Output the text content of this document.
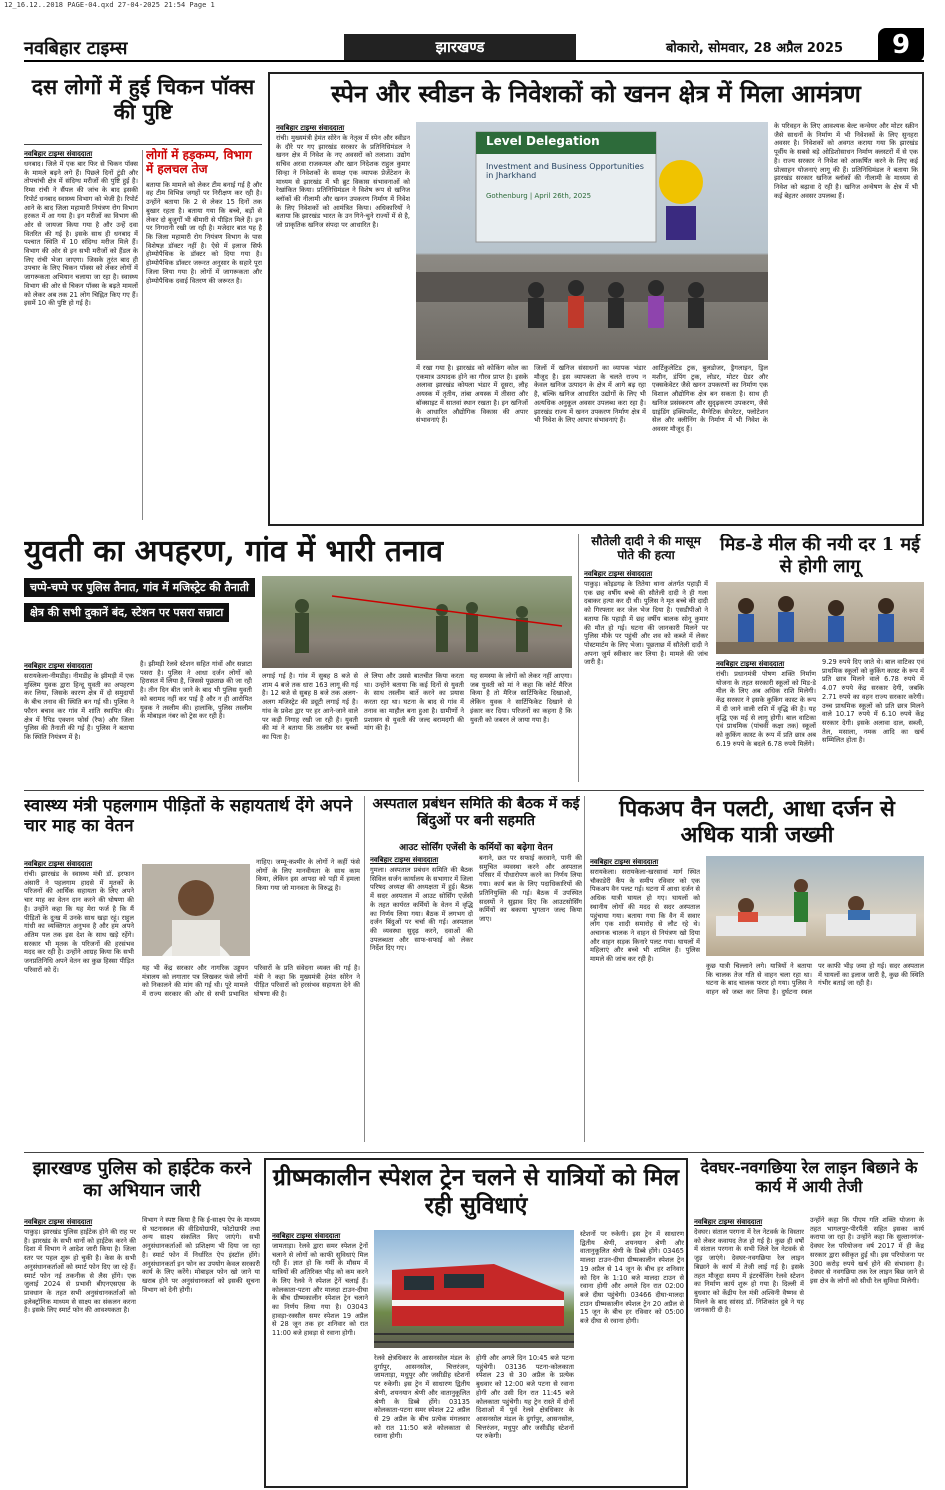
12_16.12..2018 PAGE-04.qxd 27-04-2025 21:54 Page 1
नवबिहार टाइम्स	झारखण्ड	बोकारो, सोमवार, 28 अप्रैल 2025	9
दस लोगों में हुई चिकन पॉक्स की पुष्टि
नवबिहार टाइम्स संवाददाता
धनबाद। जिले में एक बार फिर से चिकन पॉक्स के मामले बढ़ने लगे हैं। पिछले दिनों टुंडी और तोपचांची क्षेत्र में संदिग्ध मरीजों की पुष्टि हुई है। रिम्स रांची ने सैंपल की जांच के बाद इसकी रिपोर्ट धनबाद स्वास्थ्य विभाग को भेजी है। रिपोर्ट आने के बाद जिला महामारी नियंत्रण रोग विभाग हरकत में आ गया है। इन मरीजों का विभाग की ओर से जायजा किया गया है और उन्हें दवा वितरित की गई है। इसके साथ ही धनबाद में पश्चात स्थिति में 10 संदिग्ध मरीज मिले हैं। विभाग की ओर से इन सभी मरीजों को हैंडल के लिए रांची भेजा जाएगा। जिसके तुरंत बाद ही उपचार के लिए चिकन पॉक्स को लेकर लोगों में जागरूकता अभियान चलाया जा रहा है। स्वास्थ्य विभाग की ओर से चिकन पॉक्स के बढ़ते मामलों को लेकर अब तक 21 लोग चिह्नित किए गए हैं। इसमें 10 की पुष्टि हो गई है।
लोगों में हड़कम्प, विभाग में हलचल तेज
बताया कि मामले को लेकर टीम बनाई गई है और वह टीम विभिन्न जगहों पर निरीक्षण कर रही है। उन्होंने बताया कि 2 से लेकर 15 दिनों तक बुखार रहता है। बताया गया कि बच्चे, बड़ों से लेकर दो बुजुर्गों भी बीमारी से पीड़ित मिले हैं। इन पर निगरानी रखी जा रही है। मजेदार बात यह है कि जिला महामारी रोग नियंत्रण विभाग के पास विशेषज्ञ डॉक्टर नहीं है। ऐसे में इलाज सिर्फ होम्योपैथिक के डॉक्टर को दिया गया है। होम्योपैथिक डॉक्टर जरूरत अनुसार के सहारे पूरा जिला लिया गया है। लोगों में जागरूकता और होम्योपैथिक दवाई वितरण की जरूरत है।
स्पेन और स्वीडन के निवेशकों को खनन क्षेत्र में मिला आमंत्रण
नवबिहार टाइम्स संवाददाता
रांची। मुख्यमंत्री हेमंत सोरेन के नेतृत्व में स्पेन और स्वीडन के दौरे पर गए झारखंड सरकार के प्रतिनिधिमंडल ने खनन क्षेत्र में निवेश के नए अवसरों को तलाशा। उद्योग सचिव अरवा राजकमल और खान निदेशक राहुल कुमार सिन्हा ने निवेशकों के समक्ष एक व्यापक प्रेजेंटेशन के माध्यम से झारखंड में भी ब्रुट विकास संभावनाओं को रेखांकित किया। प्रतिनिधिमंडल ने विशेष रूप से खनिज ब्लॉकों की नीलामी और खनन उपकरण निर्माण में निवेश के लिए निवेशकों को आमंत्रित किया। अधिकारियों ने बताया कि झारखंड भारत के उन गिने-चुने राज्यों में से है, जो प्राकृतिक खनिज संपदा पर आधारित है।
Level Delegation
Investment and Business Opportunities in Jharkhand
Gothenburg | April 26th, 2025
में रखा गया है। झारखंड को कोकिंग कोल का एकमात्र उत्पादक होने का गौरव प्राप्त है। इसके अलावा झारखंड कोयला भंडार में दूसरा, लौह अयस्क में तृतीय, तांबा अयस्क में तीसरा और बॉक्साइट में सातवां स्थान रखता है। इन खनिजों के आधारित औद्योगिक विकास की अपार संभावनाएं हैं।
जिलों में खनिज संसाधनों का व्यापक भंडार मौजूद है। इस व्यापकता के चलते राज्य न केवल खनिज उत्पादन के क्षेत्र में आगे बढ़ रहा है, बल्कि खनिज आधारित उद्योगों के लिए भी अत्यधिक अनुकूल अवसर उपलब्ध करा रहा है। झारखंड राज्य में खनन उपकरण निर्माण क्षेत्र में भी निवेश के लिए आपार संभावनाएं हैं।
आर्टिकुलेटिड ट्रक, बुलडोजर, ड्रैगलाइन, ड्रिल मशीन, डंपिंग ट्रक, लोडर, मोटर ग्रेडर और एक्सकेवेटर जैसे खनन उपकरणों का निर्माण एक विशाल औद्योगिक क्षेत्र बन सकता है। साथ ही खनिज प्रसंस्करण और सुदृढ़करण उपकरण, जैसे ग्राइंडिंग इक्विपमेंट, मैग्नेटिक सेपरेटर, फ्लोटेशन सेल और क्लीनिंग के निर्माण में भी निवेश के अवसर मौजूद हैं।
के परिवहन के लिए आवश्यक बेल्ट कन्वेयर और मोटर स्क्रीन जैसे साधनों के निर्माण में भी निवेशकों के लिए सुनहरा अवसर है। निवेशकों को अवगत कराया गया कि झारखंड पूर्वीय के सबसे बड़े ओडिशोसाधन निर्माण क्लस्टरों में से एक है। राज्य सरकार ने निवेश को आकर्षित करने के लिए कई प्रोत्साहन योजनाएं लागू की हैं। प्रतिनिधिमंडल ने बताया कि झारखंड सरकार खनिज ब्लॉकों की नीलामी के माध्यम से निवेश को बढ़ावा दे रही है। खनिज अन्वेषण के क्षेत्र में भी कई बेहतर अवसर उपलब्ध हैं।
युवती का अपहरण, गांव में भारी तनाव
चप्पे-चप्पे पर पुलिस तैनात, गांव में मजिस्ट्रेट की तैनाती क्षेत्र की सभी दुकानें बंद, स्टेशन पर पसरा सन्नाटा
नवबिहार टाइम्स संवाददाता
सरायकेला-नीमडीह। नीमडीह के झीमड़ी में एक मुस्लिम युवक द्वारा हिन्दू युवती का अपहरण कर लिया, जिसके कारण क्षेत्र में दो समुदायों के बीच तनाव की स्थिति बन गई थी। पुलिस ने फौरन बचाव कर गांव में शांति स्थापित की। क्षेत्र में रैपिड एक्शन फोर्स (रैफ) और जिला पुलिस की तैनाती की गई है। पुलिस ने बताया कि स्थिति नियंत्रण में है।
है। झीमड़ी रेलवे स्टेशन सहित गांवों और सन्नाटा पसरा है। पुलिस ने आधा दर्जन लोगों को हिरासत में लिया है, जिससे पूछताछ की जा रही है। तीन दिन बीत जाने के बाद भी पुलिस युवती को बरामद नहीं कर पाई है और न ही आरोपित युवक ने तस्लीम की। हालांकि, पुलिस तस्लीम के मोबाइल नंबर को ट्रेस कर रही है।
लगाई गई है। गांव में सुबह 8 बजे से शाम 4 बजे तक धारा 163 लागू की गई है। 12 बजे से सुबह 8 बजे तक अलग-अलग मजिस्ट्रेट की ड्यूटी लगाई गई है। गांव के प्रवेश द्वार पर हर आने-जाने वाले पर कड़ी निगाह रखी जा रही है। युवती की मां ने बताया कि तस्लीम घर बच्चों का पिता है।
ले लिया और उससे बातचीत किया करता था। उन्होंने बताया कि कई दिनों से युवती के साथ तस्लीम बातें करने का प्रयास करता रहा था। घटना के बाद से गांव में तनाव का माहौल बना हुआ है। ग्रामीणों ने प्रशासन से युवती की जल्द बरामदगी की मांग की है।
यह समस्या के लोगों को लेकर नहीं आएगा। जब युवती को मां ने कहा कि कोर्ट मैरिज किया है तो मैरिज सार्टिफिकेट दिखाओ, लेकिन युवक ने सार्टिफिकेट दिखाने से इंकार कर दिया। परिजनों का कहना है कि युवती को जबरन ले जाया गया है।
सौतेली दादी ने की मासूम पोते की हत्या
नवबिहार टाइम्स संवाददाता
पाकुड़। कोइडगढ़ के तितेया थाना अंतर्गत पहाड़ी में एक छह वर्षीय बच्चे की सौतेली दादी ने ही गला दबाकर हत्या कर दी थी। पुलिस ने मृत बच्चे की दादी को गिरफ्तार कर जेल भेज दिया है। एसडीपीओ ने बताया कि पहाड़ी में छह वर्षीय बालक सोनू कुमार की मौत हो गई। घटना की जानकारी मिलने पर पुलिस मौके पर पहुंची और शव को कब्जे में लेकर पोस्टमार्टम के लिए भेजा। पूछताछ में सौतेली दादी ने अपना जुर्म स्वीकार कर लिया है। मामले की जांच जारी है।
मिड-डे मील की नयी दर 1 मई से होगी लागू
नवबिहार टाइम्स संवाददाता
रांची। प्रधानमंत्री पोषण शक्ति निर्माण योजना के तहत सरकारी स्कूलों को मिड-डे मील के लिए अब अधिक राशि मिलेगी। केंद्र सरकार ने इसके कुकिंग कास्ट के रूप में दी जाने वाली राशि में वृद्धि की है। यह वृद्धि एक मई से लागू होगी। बाल वाटिका एवं प्राथमिक (पांचवीं कक्षा तक) स्कूलों को कुकिंग कास्ट के रूप में प्रति छात्र अब 6.19 रुपये के बदले 6.78 रुपये मिलेंगे।
9.29 रुपये दिए जाते थे। बाल वाटिका एवं प्राथमिक स्कूलों को कुकिंग कास्ट के रूप में प्रति छात्र मिलने वाले 6.78 रुपये में 4.07 रुपये केंद्र सरकार देगी, जबकि 2.71 रुपये का वहन राज्य सरकार करेगी। उच्च प्राथमिक स्कूलों को प्रति छात्र मिलने वाले 10.17 रुपये में 6.10 रुपये केंद्र सरकार देगी। इसके अलावा दाल, सब्जी, तेल, मसाला, नमक आदि का खर्च सम्मिलित होता है।
स्वास्थ्य मंत्री पहलगाम पीड़ितों के सहायतार्थ देंगे अपने चार माह का वेतन
नवबिहार टाइम्स संवाददाता
रांची। झारखंड के स्वास्थ्य मंत्री डॉ. इरफान अंसारी ने पहलगाम हादसे में मृतकों के परिजनों की आर्थिक सहायता के लिए अपने चार माह का वेतन दान करने की घोषणा की है। उन्होंने कहा कि यह मेरा फर्ज है कि मैं पीड़ितों के दुःख में उनके साथ खड़ा रहूं। राहुल गांधी का व्यक्तिगत अनुभव है और हम अपने अंतिम पल तक इस देश के साथ खड़े रहेंगे। सरकार भी मृतक के परिजनों की हरसंभव मदद कर रही है। उन्होंने आग्रह किया कि सभी जनप्रतिनिधि अपने वेतन का कुछ हिस्सा पीड़ित परिवारों को दें।
नाहिए। जम्मू-कश्मीर के लोगों ने कहीं फंसे लोगों के लिए मानवीयता के साथ काम किया, लेकिन इस आपदा को पड़ी में हमला किया गया जो मानवता के विरुद्ध है।
यह भी केंद्र सरकार और नागरिक उड्डयन मंत्रालय को लगातार पत्र लिखकर फंसे लोगों को निकालने की मांग की गई थी। पूरे मामले में राज्य सरकार की ओर से सभी प्रभावित परिवारों के प्रति संवेदना व्यक्त की गई है। मंत्री ने कहा कि मुख्यमंत्री हेमंत सोरेन ने पीड़ित परिवारों को हरसंभव सहायता देने की घोषणा की है।
अस्पताल प्रबंधन समिति की बैठक में कई बिंदुओं पर बनी सहमति
आउट सोर्सिंग एजेंसी के कर्मियों का बढ़ेगा वेतन
नवबिहार टाइम्स संवाददाता
गुमला। अस्पताल प्रबंधन समिति की बैठक सिविल सर्जन कार्यालय के सभागार में जिला परिषद अध्यक्ष की अध्यक्षता में हुई। बैठक में सदर अस्पताल में आउट सोर्सिंग एजेंसी के तहत कार्यरत कर्मियों के वेतन में वृद्धि का निर्णय लिया गया। बैठक में लगभग दो दर्जन बिंदुओं पर चर्चा की गई। अस्पताल की व्यवस्था सुदृढ़ करने, दवाओं की उपलब्धता और साफ-सफाई को लेकर निर्देश दिए गए।
बनाने, छत पर सफाई करवाने, पानी की समुचित व्यवस्था करने और अस्पताल परिसर में पौधारोपण करने का निर्णय लिया गया। कार्य बल के लिए पदाधिकारियों की प्रतिनियुक्ति की गई। बैठक में उपस्थित सदस्यों ने सुझाव दिए कि आउटसोर्सिंग कर्मियों का बकाया भुगतान जल्द किया जाए।
पिकअप वैन पलटी, आधा दर्जन से अधिक यात्री जख्मी
नवबिहार टाइम्स संवाददाता
सरायकेला। सरायकेला-खरसावां मार्ग स्थित चौकाडेरी कैंप के समीप रविवार को एक पिकअप वैन पलट गई। घटना में आधा दर्जन से अधिक यात्री घायल हो गए। घायलों को स्थानीय लोगों की मदद से सदर अस्पताल पहुंचाया गया। बताया गया कि वैन में सवार लोग एक शादी समारोह से लौट रहे थे। अचानक चालक ने वाहन से नियंत्रण खो दिया और वाहन सड़क किनारे पलट गया। घायलों में महिलाएं और बच्चे भी शामिल हैं। पुलिस मामले की जांच कर रही है।
कुछ यात्री चिल्लाने लगे। यात्रियों ने बताया कि चालक तेज गति से वाहन चला रहा था। घटना के बाद चालक फरार हो गया। पुलिस ने वाहन को जब्त कर लिया है। दुर्घटना स्थल पर काफी भीड़ जमा हो गई। सदर अस्पताल में घायलों का इलाज जारी है, कुछ की स्थिति गंभीर बताई जा रही है।
झारखण्ड पुलिस को हाईटेक करने का अभियान जारी
नवबिहार टाइम्स संवाददाता
पाकुड़। झारखंड पुलिस हाईटेक होने की राह पर है। झारखंड के सभी थानों को हाईटेक करने की दिशा में विभाग ने आदेश जारी किया है। जिला स्तर पर पहल शुरू हो चुकी है। केस के सभी अनुसंधानकर्ताओं को स्मार्ट फोन दिए जा रहे हैं। स्मार्ट फोन नई तकनीक से लैस होंगे। एक जुलाई 2024 से प्रभावी बीएनएसएस के प्रावधान के तहत सभी अनुसंधानकर्ताओं को इलेक्ट्रॉनिक माध्यम से साक्ष्य का संकलन करना है। इसके लिए स्मार्ट फोन की आवश्यकता है।
विभाग ने स्पष्ट किया है कि ई-साक्ष्य ऐप के माध्यम से घटनास्थल की वीडियोग्राफी, फोटोग्राफी तथा अन्य साक्ष्य संकलित किए जाएंगे। सभी अनुसंधानकर्ताओं को प्रशिक्षण भी दिया जा रहा है। स्मार्ट फोन में निर्धारित ऐप इंस्टॉल होंगे। अनुसंधानकर्ता इन फोन का उपयोग केवल सरकारी कार्य के लिए करेंगे। मोबाइल फोन खो जाने या खराब होने पर अनुसंधानकर्ता को इसकी सूचना विभाग को देनी होगी।
ग्रीष्मकालीन स्पेशल ट्रेन चलने से यात्रियों को मिल रही सुविधाएं
नवबिहार टाइम्स संवाददाता
जामताड़ा। रेलवे द्वारा समर स्पेशल ट्रेनों चलाने से लोगों को काफी सुविधाएं मिल रही हैं। ज्ञात हो कि गर्मी के मौसम में यात्रियों की अतिरिक्त भीड़ को कम करने के लिए रेलवे ने स्पेशल ट्रेनें चलाई हैं। कोलकाता-पटना और मालदा टाउन-दीघा के बीच ग्रीष्मकालीन स्पेशल ट्रेन चलाने का निर्णय लिया गया है। 03043 हावड़ा-रक्सौल समर स्पेशल 19 अप्रैल से 28 जून तक हर शनिवार को रात 11:00 बजे हावड़ा से रवाना होगी।
रेलवे क्षेत्रधिकार के आसनसोल मंडल के दुर्गापुर, आसनसोल, चित्तरंजन, जामताड़ा, मधुपुर और जसीडीह स्टेशनों पर रुकेगी। इस ट्रेन में साधारण द्वितीय श्रेणी, शयनयान श्रेणी और वातानुकूलित श्रेणी के डिब्बे होंगे। 03135 कोलकाता-पटना समर स्पेशल 22 अप्रैल से 29 अप्रैल के बीच प्रत्येक मंगलवार को रात 11:50 बजे कोलकाता से रवाना होगी।
होगी और अगले दिन 10:45 बजे पटना पहुंचेगी। 03136 पटना-कोलकाता स्पेशल 23 से 30 अप्रैल के प्रत्येक बुधवार को 12:00 बजे पटना से रवाना होगी और उसी दिन रात 11:45 बजे कोलकाता पहुंचेगी। यह ट्रेन रास्ते में दोनों दिशाओं में पूर्व रेलवे क्षेत्रधिकार के आसनसोल मंडल के दुर्गापुर, आसनसोल, चित्तरंजन, मधुपुर और जसीडीह स्टेशनों पर रुकेगी।
स्टेशनों पर रुकेगी। इस ट्रेन में साधारण द्वितीय श्रेणी, शयनयान श्रेणी और वातानुकूलित श्रेणी के डिब्बे होंगे। 03465 मालदा टाउन-दीघा ग्रीष्मकालीन स्पेशल ट्रेन 19 अप्रैल से 14 जून के बीच हर शनिवार को दिन के 1:10 बजे मालदा टाउन से रवाना होगी और अगले दिन रात 02:00 बजे दीघा पहुंचेगी। 03466 दीघा-मालदा टाउन ग्रीष्मकालीन स्पेशल ट्रेन 20 अप्रैल से 15 जून के बीच हर रविवार को 05:00 बजे दीघा से रवाना होगी।
देवघर-नवगछिया रेल लाइन बिछाने के कार्य में आयी तेजी
नवबिहार टाइम्स संवाददाता
देवघर। संताल परगना में रेल नेटवर्क के विस्तार को लेकर कवायद तेज हो गई है। कुछ ही वर्षों में संताल परगना के सभी जिले रेल नेटवर्क से जुड़ जाएंगे। देवघर-नवगछिया रेल लाइन बिछाने के कार्य में तेजी लाई गई है। इसके तहत मौजूदा समय में इंटरचेंजिंग रेलवे स्टेशन का निर्माण कार्य शुरू हो गया है। दिल्ली में बुधवार को केंद्रीय रेल मंत्री अश्विनी वैष्णव से मिलने के बाद सांसद डॉ. निशिकांत दुबे ने यह जानकारी दी है।
उन्होंने कहा कि पीएम गति शक्ति योजना के तहत भागलपुर-पीरपैंती सहित इसका कार्य कराया जा रहा है। उन्होंने कहा कि सुल्तानगंज-देवघर रेल परियोजना वर्ष 2017 में ही केंद्र सरकार द्वारा स्वीकृत हुई थी। इस परियोजना पर 300 करोड़ रुपये खर्च होने की संभावना है। देवघर से नवगछिया तक रेल लाइन बिछ जाने से इस क्षेत्र के लोगों को सीधी रेल सुविधा मिलेगी।
